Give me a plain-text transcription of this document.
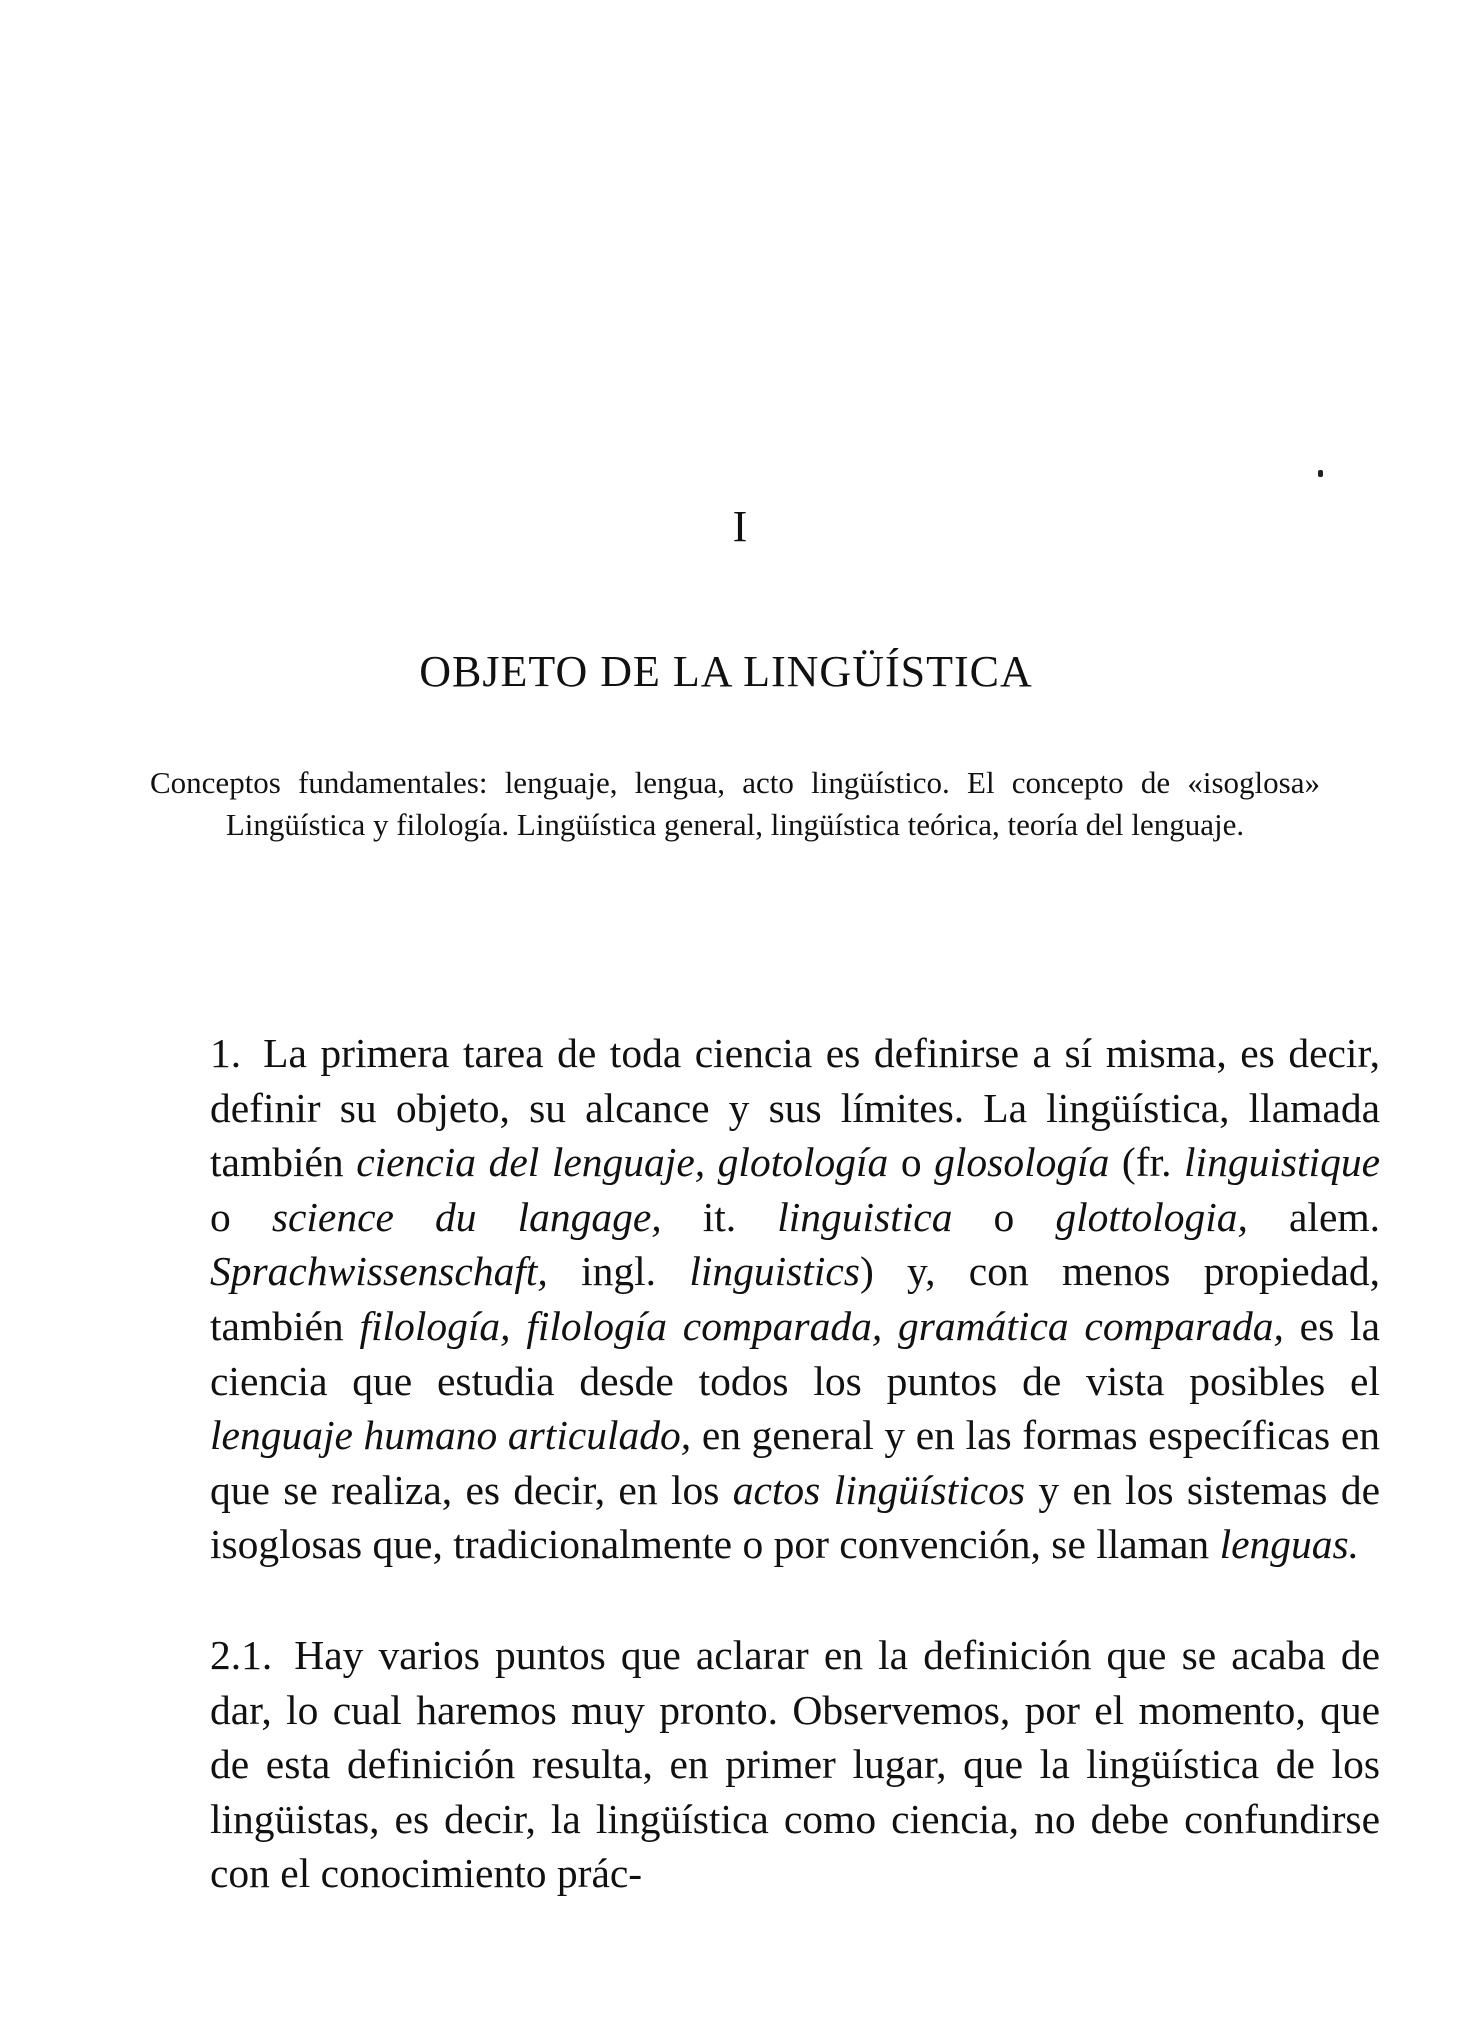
I
OBJETO DE LA LINGÜÍSTICA
Conceptos fundamentales: lenguaje, lengua, acto lingüístico. El concepto de «isoglosa» Lingüística y filología. Lingüística general, lingüística teórica, teoría del lenguaje.

1. La primera tarea de toda ciencia es definirse a sí misma, es decir, definir su objeto, su alcance y sus límites. La lingüística, llamada también ciencia del lenguaje, glotología o glosología (fr. linguistique o science du langage, it. linguistica o glottologia, alem. Sprachwissenschaft, ingl. linguistics) y, con menos propiedad, también filología, filología comparada, gramática comparada, es la ciencia que estudia desde todos los puntos de vista posibles el lenguaje humano articulado, en general y en las formas específicas en que se realiza, es decir, en los actos lingüísticos y en los sistemas de isoglosas que, tradicionalmente o por convención, se llaman lenguas.

2.1. Hay varios puntos que aclarar en la definición que se acaba de dar, lo cual haremos muy pronto. Observemos, por el momento, que de esta definición resulta, en primer lugar, que la lingüística de los lingüistas, es decir, la lingüística como ciencia, no debe confundirse con el conocimiento prác-
